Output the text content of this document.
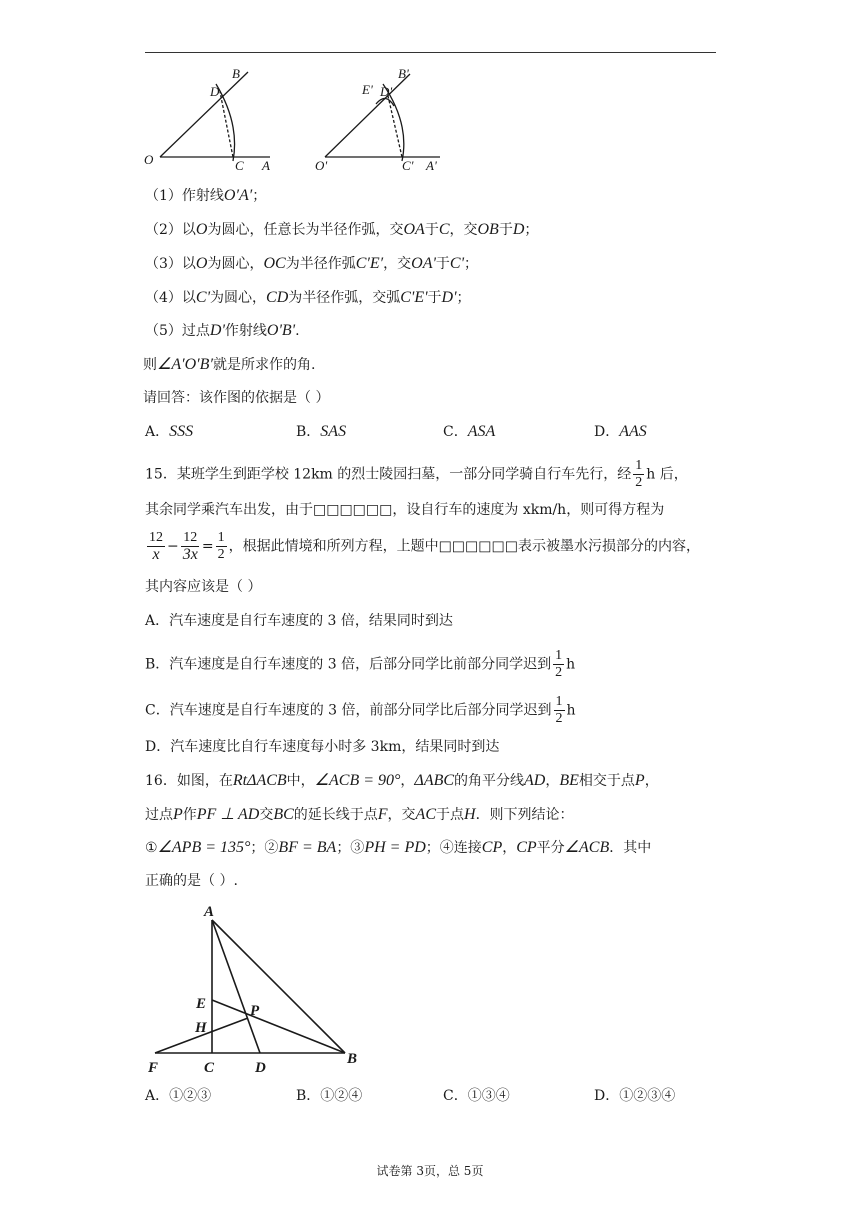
B
D
O	C A
B'
E' D'
O'	C' A'
（1）作射线O′A′；
（2）以O为圆心，任意长为半径作弧，交OA于C，交OB于D；
（3）以O为圆心，OC为半径作弧C′E′，交OA'于C'；
（4）以C'为圆心，CD为半径作弧，交弧C'E'于D'；
（5）过点D'作射线O'B'.
则∠A′O′B′就是所求作的角.
请回答：该作图的依据是（ ）
A．SSS	B．SAS	C．ASA	D．AAS
15．某班学生到距学校 12km 的烈士陵园扫墓，一部分同学骑自行车先行，经 $\frac{1}{2}$ h 后，
其余同学乘汽车出发，由于□□□□□□，设自行车的速度为 xkm/h，则可得方程为
$\frac{12}{x} - \frac{12}{3x} = \frac{1}{2}$ ，根据此情境和所列方程，上题中□□□□□□表示被墨水污损部分的内容，
其内容应该是（ ）
A．汽车速度是自行车速度的 3 倍，结果同时到达
B．汽车速度是自行车速度的 3 倍，后部分同学比前部分同学迟到 $\frac{1}{2}$ h
C．汽车速度是自行车速度的 3 倍，前部分同学比后部分同学迟到 $\frac{1}{2}$ h
D．汽车速度比自行车速度每小时多 3km，结果同时到达
16．如图，在RtΔACB中，∠ACB = 90°，ΔABC的角平分线AD，BE相交于点P，
过点P作PF ⊥ AD交BC的延长线于点F，交AC于点H．则下列结论：
①∠APB = 135°；②BF = BA；③PH = PD；④连接CP，CP平分∠ACB．其中
正确的是（ ）.
A
E
H
P
F	C	D
B
A．①②③	B．①②④	C．①③④	D．①②③④
试卷第 3页，总 5页
